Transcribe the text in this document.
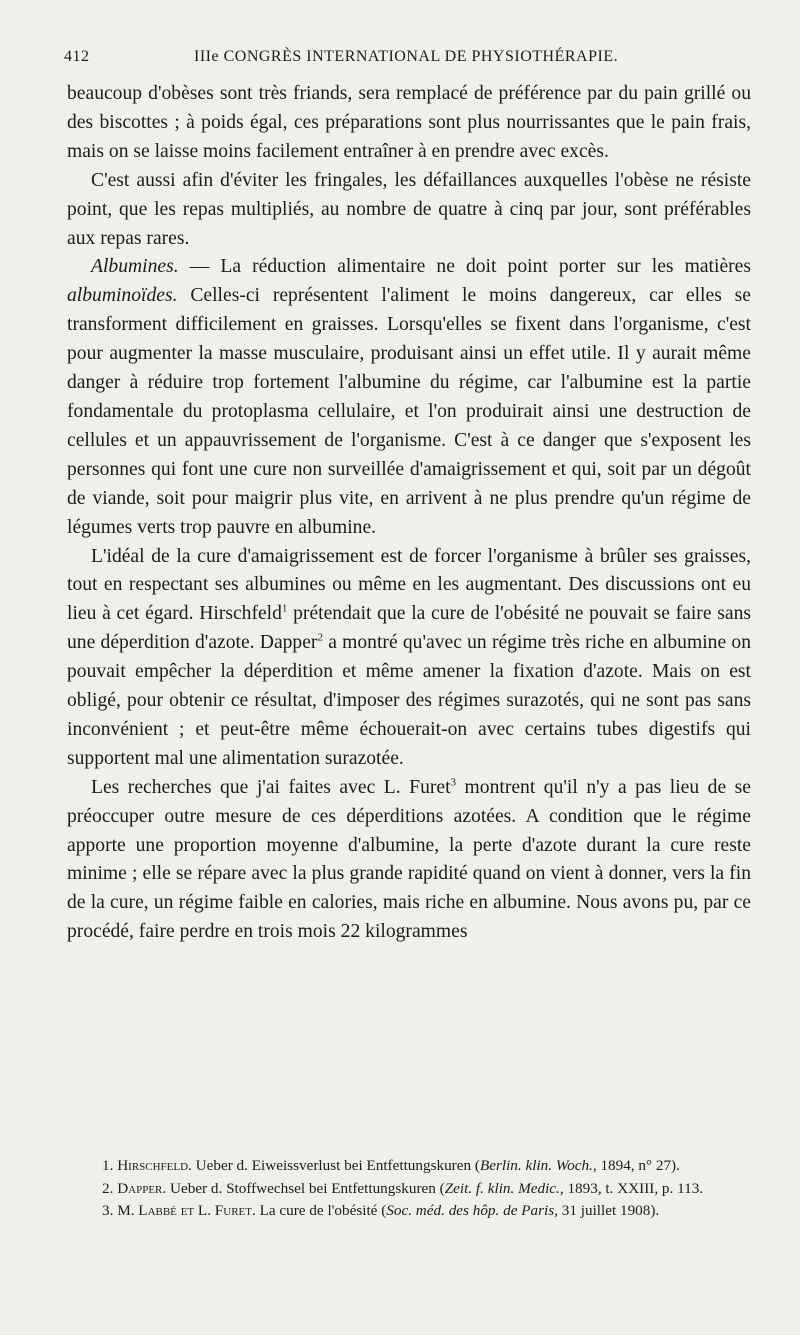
412	IIIe CONGRÈS INTERNATIONAL DE PHYSIOTHÉRAPIE.

beaucoup d'obèses sont très friands, sera remplacé de préférence par du pain grillé ou des biscottes ; à poids égal, ces préparations sont plus nourrissantes que le pain frais, mais on se laisse moins facilement entraîner à en prendre avec excès.

C'est aussi afin d'éviter les fringales, les défaillances auxquelles l'obèse ne résiste point, que les repas multipliés, au nombre de quatre à cinq par jour, sont préférables aux repas rares.

Albumines. — La réduction alimentaire ne doit point porter sur les matières albuminoïdes. Celles-ci représentent l'aliment le moins dangereux, car elles se transforment difficilement en graisses. Lorsqu'elles se fixent dans l'organisme, c'est pour augmenter la masse musculaire, produisant ainsi un effet utile. Il y aurait même danger à réduire trop fortement l'albumine du régime, car l'albumine est la partie fondamentale du protoplasma cellulaire, et l'on produirait ainsi une destruction de cellules et un appauvrissement de l'organisme. C'est à ce danger que s'exposent les personnes qui font une cure non surveillée d'amaigrissement et qui, soit par un dégoût de viande, soit pour maigrir plus vite, en arrivent à ne plus prendre qu'un régime de légumes verts trop pauvre en albumine.

L'idéal de la cure d'amaigrissement est de forcer l'organisme à brûler ses graisses, tout en respectant ses albumines ou même en les augmentant. Des discussions ont eu lieu à cet égard. Hirschfeld$^1$ prétendait que la cure de l'obésité ne pouvait se faire sans une déperdition d'azote. Dapper$^2$ a montré qu'avec un régime très riche en albumine on pouvait empêcher la déperdition et même amener la fixation d'azote. Mais on est obligé, pour obtenir ce résultat, d'imposer des régimes surazotés, qui ne sont pas sans inconvénient ; et peut-être même échouerait-on avec certains tubes digestifs qui supportent mal une alimentation surazotée.

Les recherches que j'ai faites avec L. Furet$^3$ montrent qu'il n'y a pas lieu de se préoccuper outre mesure de ces déperditions azotées. A condition que le régime apporte une proportion moyenne d'albumine, la perte d'azote durant la cure reste minime ; elle se répare avec la plus grande rapidité quand on vient à donner, vers la fin de la cure, un régime faible en calories, mais riche en albumine. Nous avons pu, par ce procédé, faire perdre en trois mois 22 kilogrammes

1. Hirschfeld. Ueber d. Eiweissverlust bei Entfettungskuren (Berlin. klin. Woch., 1894, n° 27).

2. Dapper. Ueber d. Stoffwechsel bei Entfettungskuren (Zeit. f. klin. Medic., 1893, t. XXIII, p. 113.

3. M. Labbé et L. Furet. La cure de l'obésité (Soc. méd. des hôp. de Paris, 31 juillet 1908).
